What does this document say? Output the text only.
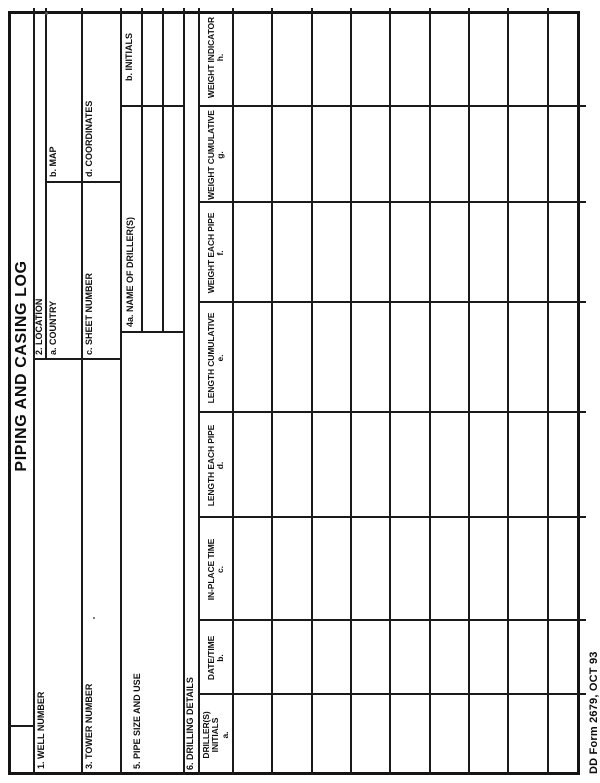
PIPING AND CASING LOG
1. WELL NUMBER
2. LOCATION a. COUNTRY
b. MAP
3. TOWER NUMBER
c. SHEET NUMBER
d. COORDINATES
4a. NAME OF DRILLER(S)
b. INITIALS
5. PIPE SIZE AND USE	6. DRILLING DETAILS DRILLER(S) INITIALS a.
DATE/TIME b.
IN-PLACE TIME c.
LENGTH EACH PIPE d.
LENGTH CUMULATIVE e.
WEIGHT EACH PIPE f.
WEIGHT CUMULATIVE g.
WEIGHT INDICATOR h.
DD Form 2679, OCT 93
